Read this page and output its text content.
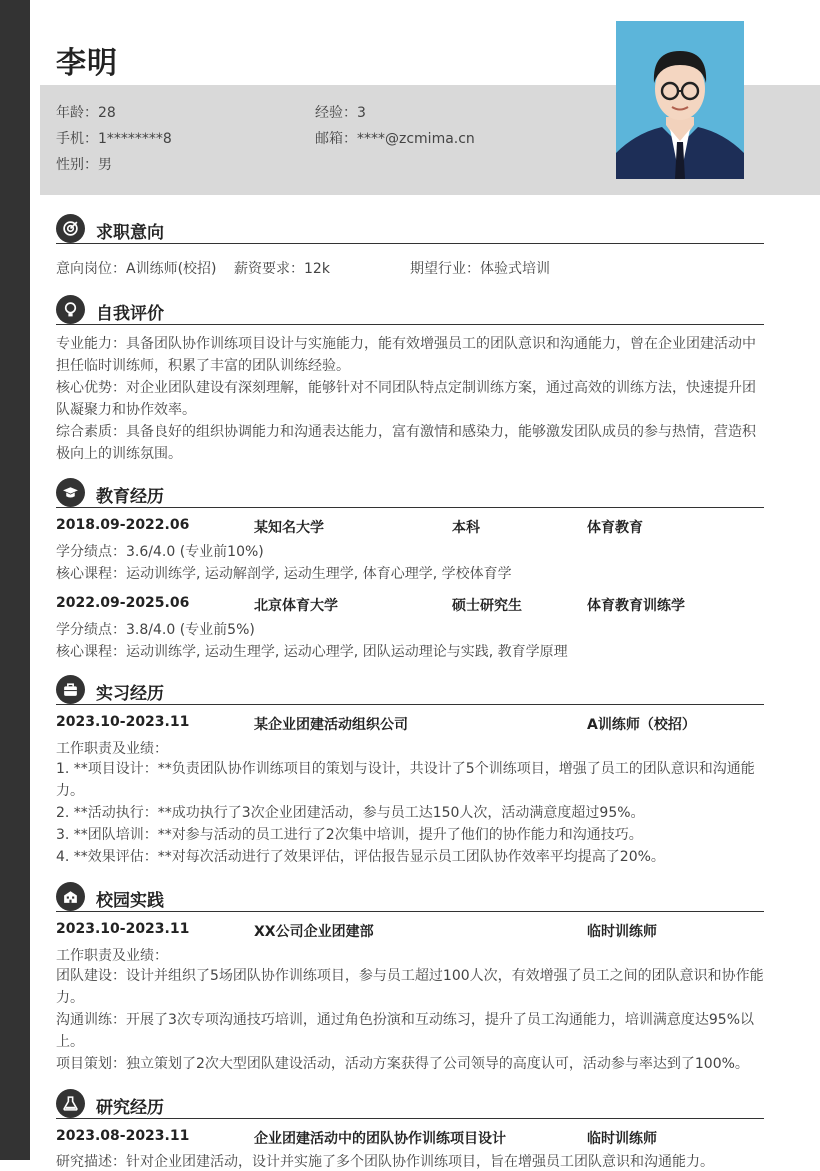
李明
年龄：28	经验：3
手机：1********8	邮箱：****@zcmima.cn
性别：男
求职意向
意向岗位：A训练师(校招) 薪资要求：12k	期望行业：体验式培训
自我评价
专业能力：具备团队协作训练项目设计与实施能力，能有效增强员工的团队意识和沟通能力，曾在企业团建活动中担任临时训练师，积累了丰富的团队训练经验。
核心优势：对企业团队建设有深刻理解，能够针对不同团队特点定制训练方案，通过高效的训练方法，快速提升团队凝聚力和协作效率。
综合素质：具备良好的组织协调能力和沟通表达能力，富有激情和感染力，能够激发团队成员的参与热情，营造积极向上的训练氛围。
教育经历
2018.09-2022.06	某知名大学	本科	体育教育
学分绩点：3.6/4.0 (专业前10%)
核心课程：运动训练学, 运动解剖学, 运动生理学, 体育心理学, 学校体育学
2022.09-2025.06	北京体育大学	硕士研究生	体育教育训练学
学分绩点：3.8/4.0 (专业前5%)
核心课程：运动训练学, 运动生理学, 运动心理学, 团队运动理论与实践, 教育学原理
实习经历
2023.10-2023.11	某企业团建活动组织公司	A训练师（校招）
工作职责及业绩：
1. **项目设计：**负责团队协作训练项目的策划与设计，共设计了5个训练项目，增强了员工的团队意识和沟通能力。
2. **活动执行：**成功执行了3次企业团建活动，参与员工达150人次，活动满意度超过95%。
3. **团队培训：**对参与活动的员工进行了2次集中培训，提升了他们的协作能力和沟通技巧。
4. **效果评估：**对每次活动进行了效果评估，评估报告显示员工团队协作效率平均提高了20%。
校园实践
2023.10-2023.11	XX公司企业团建部	临时训练师
工作职责及业绩：
团队建设：设计并组织了5场团队协作训练项目，参与员工超过100人次，有效增强了员工之间的团队意识和协作能力。
沟通训练：开展了3次专项沟通技巧培训，通过角色扮演和互动练习，提升了员工沟通能力，培训满意度达95%以上。
项目策划：独立策划了2次大型团队建设活动，活动方案获得了公司领导的高度认可，活动参与率达到了100%。
研究经历
2023.08-2023.11	企业团建活动中的团队协作训练项目设计	临时训练师
研究描述：针对企业团建活动，设计并实施了多个团队协作训练项目，旨在增强员工团队意识和沟通能力。
